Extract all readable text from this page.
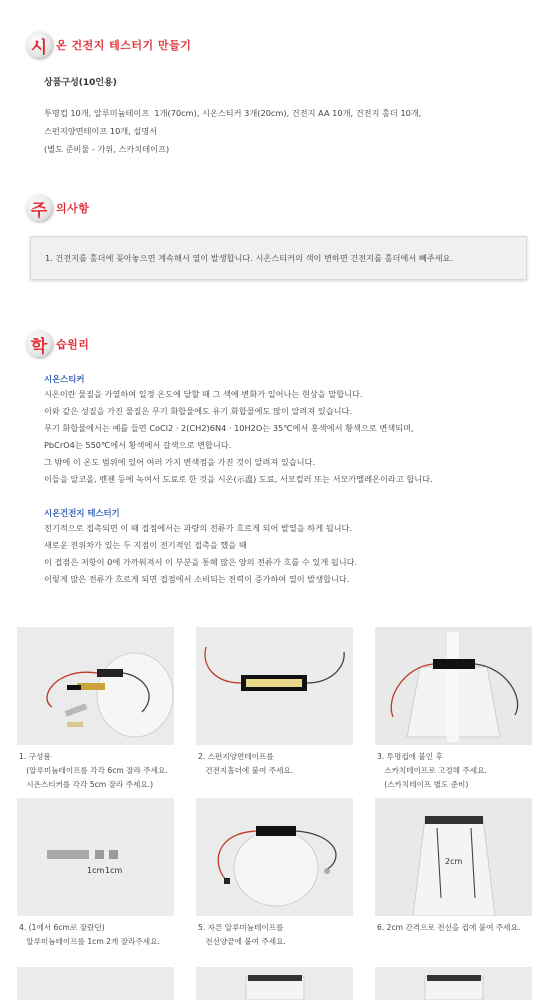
시 온 건전지 테스터기 만들기
상품구성(10인용)
투명컵 10개, 알루미늄테이프  1개(70cm), 시온스티커 3개(20cm), 건전지 AA 10개, 건전지 홀더 10개,
스펀지양면테이프 10개, 설명서
(별도 준비물 - 가위, 스카치테이프)
주 의사항
1. 건전지를 홀더에 꽂아놓으면 계속해서 열이 발생합니다. 시온스티커의 색이 변하면 건전지를 홀더에서 빼주세요.
학 습원리
시온스티커
시온이란 물질을 가열하여 일정 온도에 달할 때 그 색에 변화가 일어나는 현상을 말합니다.
이와 같은 성질을 가진 물질은 무기 화합물에도 유기 화합물에도 많이 알려져 있습니다.
무기 화합물에서는 예를 들면 CoCl2 · 2(CH2)6N4 · 10H2O는 35℃에서 홍색에서 황색으로 변색되며,
PbCrO4는 550℃에서 황색에서 갈색으로 변합니다.
그 밖에 이 온도 범위에 있어 여러 가지 변색점을 가진 것이 알려져 있습니다.
이들을 알코올, 벤젠 등에 녹여서 도료로 한 것을 시온(示溫) 도료, 서모컬러 또는 서모카멜레온이라고 합니다.
시온건전지 테스터기
전기적으로 접촉되면 이 때 접점에서는 과량의 전류가 흐르게 되어 발열을 하게 됩니다.
새로운 전위차가 있는 두 지점이 전기적인 접촉을 했을 때
이 접점은 저항이 0에 가까워져서 이 부분을 통해 많은 양의 전류가 흐를 수 있게 됩니다.
이렇게 많은 전류가 흐르게 되면 접점에서 소비되는 전력이 증가하여 열이 발생합니다.
1. 구성품
(알루미늄테이프를 각각 6cm 잘라 주세요.
시온스티커를 각각 5cm 잘라 주세요.)
2. 스펀지양면테이프를
건전지홀더에 붙여 주세요.
3. 투명컵에 붙인 후
스카치테이프로 고정해 주세요.
(스카치테이프 별도 준비)
1cm 1cm
2cm
4. (1에서 6cm로 잘랐던)
알루미늄테이프를 1cm 2개 잘라주세요.
5. 자른 알루미늄테이프를
전선양끝에 붙여 주세요.
6. 2cm 간격으로 전선을 컵에 붙여 주세요.
